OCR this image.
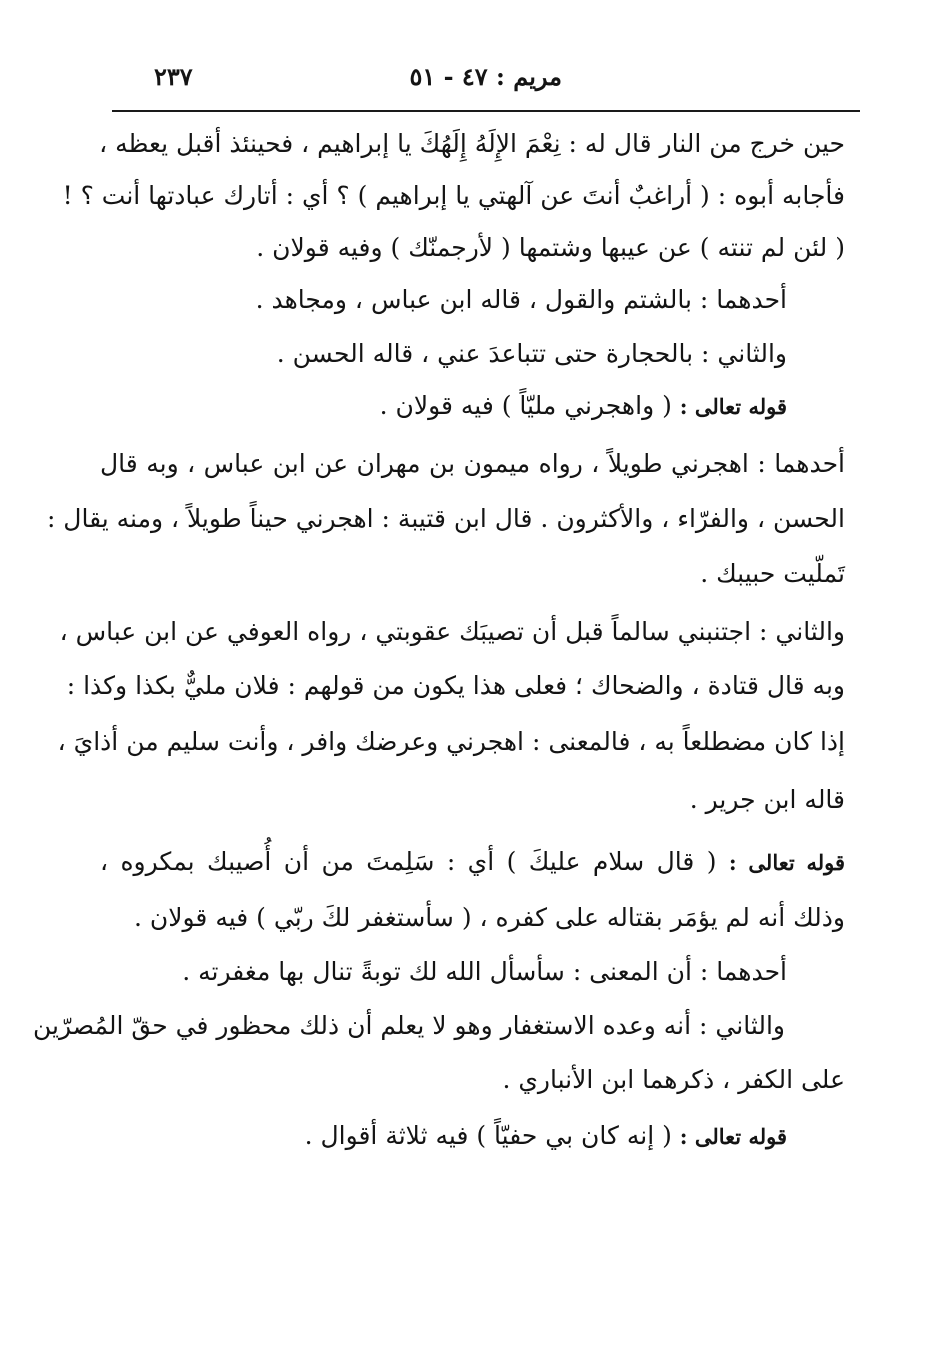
مريم : ٤٧ - ٥١
٢٣٧
حين خرج من النار قال له : نِعْمَ الإِلَهُ إِلَهُكَ يا إبراهيم ، فحينئذ أقبل يعظه ،
فأجابه أبوه : ( أراغبٌ أنتَ عن آلهتي يا إبراهيم ) ؟ أي : أتارك عبادتها أنت ؟ !
( لئن لم تنته ) عن عيبها وشتمها ( لأرجمنّك ) وفيه قولان .
أحدهما : بالشتم والقول ، قاله ابن عباس ، ومجاهد .
والثاني : بالحجارة حتى تتباعدَ عني ، قاله الحسن .
قوله تعالى : ( واهجرني مليّاً ) فيه قولان .
أحدهما : اهجرني طويلاً ، رواه ميمون بن مهران عن ابن عباس ، وبه قال
الحسن ، والفرّاء ، والأكثرون . قال ابن قتيبة : اهجرني حيناً طويلاً ، ومنه يقال :
تَملّيت حبيبك .
والثاني : اجتنبني سالماً قبل أن تصيبَك عقوبتي ، رواه العوفي عن ابن عباس ،
وبه قال قتادة ، والضحاك ؛ فعلى هذا يكون من قولهم : فلان مليٌّ بكذا وكذا :
إذا كان مضطلعاً به ، فالمعنى : اهجرني وعرضك وافر ، وأنت سليم من أذايَ ،
قاله ابن جرير .
قوله تعالى : ( قال سلام عليكَ ) أي : سَلِمتَ من أن أُصيبك بمكروه ،
وذلك أنه لم يؤمَر بقتاله على كفره ، ( سأستغفر لكَ ربّي ) فيه قولان .
أحدهما : أن المعنى : سأسأل الله لك توبةً تنال بها مغفرته .
والثاني : أنه وعده الاستغفار وهو لا يعلم أن ذلك محظور في حقّ المُصرّين
على الكفر ، ذكرهما ابن الأنباري .
قوله تعالى : ( إنه كان بي حفيّاً ) فيه ثلاثة أقوال .
